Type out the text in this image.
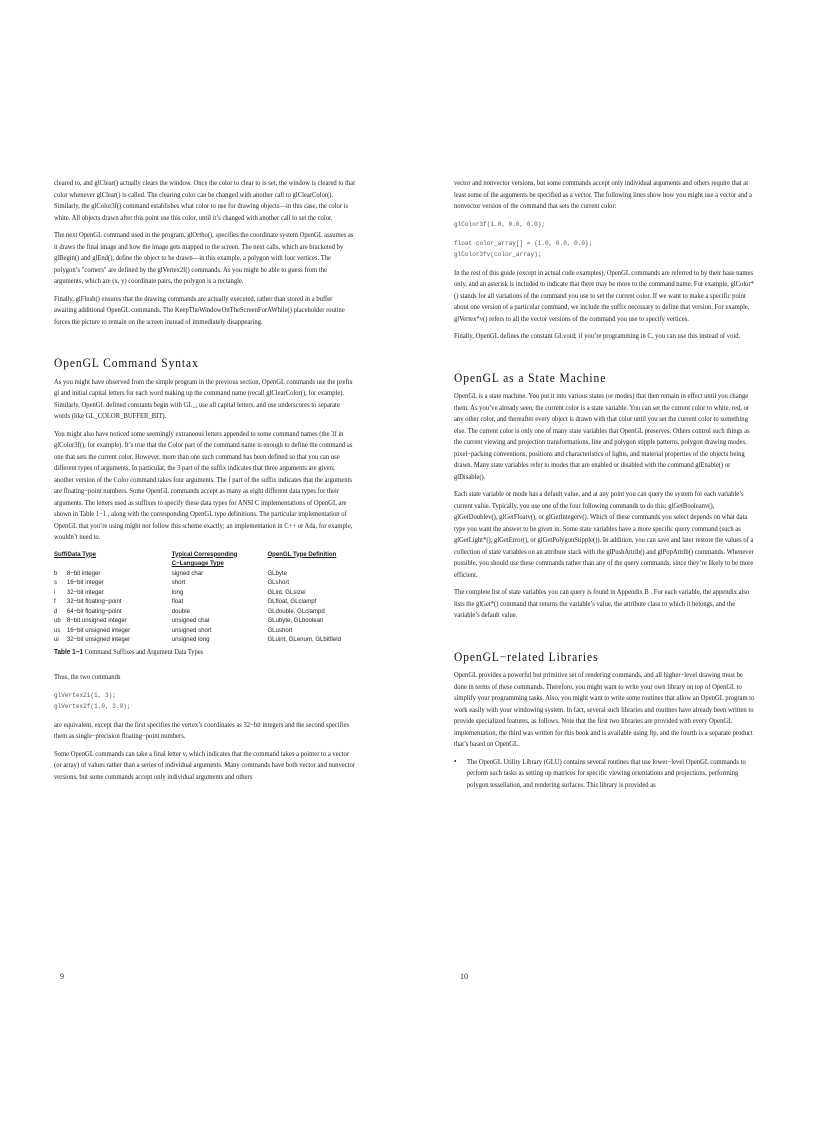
cleared to, and glClear() actually clears the window. Once the color to clear to is set, the window is cleared to that color whenever glClear() is called. The clearing color can be changed with another call to glClearColor(). Similarly, the glColor3f() command establishes what color to use for drawing objects—in this case, the color is white. All objects drawn after this point use this color, until it’s changed with another call to set the color.

The next OpenGL command used in the program, glOrtho(), specifies the coordinate system OpenGL assumes as it draws the final image and how the image gets mapped to the screen. The next calls, which are bracketed by glBegin() and glEnd(), define the object to be drawn—in this example, a polygon with four vertices. The polygon’s "corners" are defined by the glVertex2f() commands. As you might be able to guess from the arguments, which are (x, y) coordinate pairs, the polygon is a rectangle.

Finally, glFlush() ensures that the drawing commands are actually executed, rather than stored in a buffer awaiting additional OpenGL commands. The KeepTheWindowOnTheScreenForAWhile() placeholder routine forces the picture to remain on the screen instead of immediately disappearing.

OpenGL Command Syntax

As you might have observed from the simple program in the previous section, OpenGL commands use the prefix gl and initial capital letters for each word making up the command name (recall glClearColor(), for example). Similarly, OpenGL defined constants begin with GL_, use all capital letters, and use underscores to separate words (like GL_COLOR_BUFFER_BIT).

You might also have noticed some seemingly extraneous letters appended to some command names (the 3f in glColor3f(), for example). It’s true that the Color part of the command name is enough to define the command as one that sets the current color. However, more than one such command has been defined so that you can use different types of arguments. In particular, the 3 part of the suffix indicates that three arguments are given; another version of the Color command takes four arguments. The f part of the suffix indicates that the arguments are floating−point numbers. Some OpenGL commands accept as many as eight different data types for their arguments. The letters used as suffixes to specify these data types for ANSI C implementations of OpenGL are shown in Table 1−1 , along with the corresponding OpenGL type definitions. The particular implementation of OpenGL that you’re using might not follow this scheme exactly; an implementation in C++ or Ada, for example, wouldn’t need to.

SuffiData Type		Typical Corresponding C−Language Type	OpenGL Type Definition
b	8−bit integer	signed char	GLbyte
s	16−bit integer	short	GLshort
i	32−bit integer	long	GLint, GLsizei
f	32−bit floating−point	float	GLfloat, GLclampf
d	64−bit floating−point	double	GLdouble, GLclampd
ub	8−bit unsigned integer	unsigned char	GLubyte, GLboolean
us	16−bit unsigned integer	unsigned short	GLushort
ui	32−bit unsigned integer	unsigned long	GLuint, GLenum, GLbitfield
Table 1−1 Command Suffixes and Argument Data Types

Thus, the two commands

glVertex2i(1, 3);
glVertex2f(1.0, 3.0);

are equivalent, except that the first specifies the vertex’s coordinates as 32−bit integers and the second specifies them as single−precision floating−point numbers.

Some OpenGL commands can take a final letter v, which indicates that the command takes a pointer to a vector (or array) of values rather than a series of individual arguments. Many commands have both vector and nonvector versions, but some commands accept only individual arguments and others

9

vector and nonvector versions, but some commands accept only individual arguments and others require that at least some of the arguments be specified as a vector. The following lines show how you might use a vector and a nonvector version of the command that sets the current color:

glColor3f(1.0, 0.0, 0.0);
float color_array[] = {1.0, 0.0, 0.0};
glColor3fv(color_array);

In the rest of this guide (except in actual code examples), OpenGL commands are referred to by their base names only, and an asterisk is included to indicate that there may be more to the command name. For example, glColor*() stands for all variations of the command you use to set the current color. If we want to make a specific point about one version of a particular command, we include the suffix necessary to define that version. For example, glVertex*v() refers to all the vector versions of the command you use to specify vertices.

Finally, OpenGL defines the constant GLvoid; if you’re programming in C, you can use this instead of void.

OpenGL as a State Machine

OpenGL is a state machine. You put it into various states (or modes) that then remain in effect until you change them. As you’ve already seen, the current color is a state variable. You can set the current color to white, red, or any other color, and thereafter every object is drawn with that color until you set the current color to something else. The current color is only one of many state variables that OpenGL preserves. Others control such things as the current viewing and projection transformations, line and polygon stipple patterns, polygon drawing modes, pixel−packing conventions, positions and characteristics of lights, and material properties of the objects being drawn. Many state variables refer to modes that are enabled or disabled with the command glEnable() or glDisable().

Each state variable or mode has a default value, and at any point you can query the system for each variable’s current value. Typically, you use one of the four following commands to do this: glGetBooleanv(), glGetDoublev(), glGetFloatv(), or glGetIntegerv(). Which of these commands you select depends on what data type you want the answer to be given in. Some state variables have a more specific query command (such as glGetLight*(), glGetError(), or glGetPolygonStipple()). In addition, you can save and later restore the values of a collection of state variables on an attribute stack with the glPushAttrib() and glPopAttrib() commands. Whenever possible, you should use these commands rather than any of the query commands, since they’re likely to be more efficient.

The complete list of state variables you can query is found in Appendix B . For each variable, the appendix also lists the glGet*() command that returns the variable’s value, the attribute class to which it belongs, and the variable’s default value.

OpenGL−related Libraries

OpenGL provides a powerful but primitive set of rendering commands, and all higher−level drawing must be done in terms of these commands. Therefore, you might want to write your own library on top of OpenGL to simplify your programming tasks. Also, you might want to write some routines that allow an OpenGL program to work easily with your windowing system. In fact, several such libraries and routines have already been written to provide specialized features, as follows. Note that the first two libraries are provided with every OpenGL implementation, the third was written for this book and is available using ftp, and the fourth is a separate product that’s based on OpenGL.

•	The OpenGL Utility Library (GLU) contains several routines that use lower−level OpenGL commands to perform such tasks as setting up matrices for specific viewing orientations and projections, performing polygon tessellation, and rendering surfaces. This library is provided as
10
